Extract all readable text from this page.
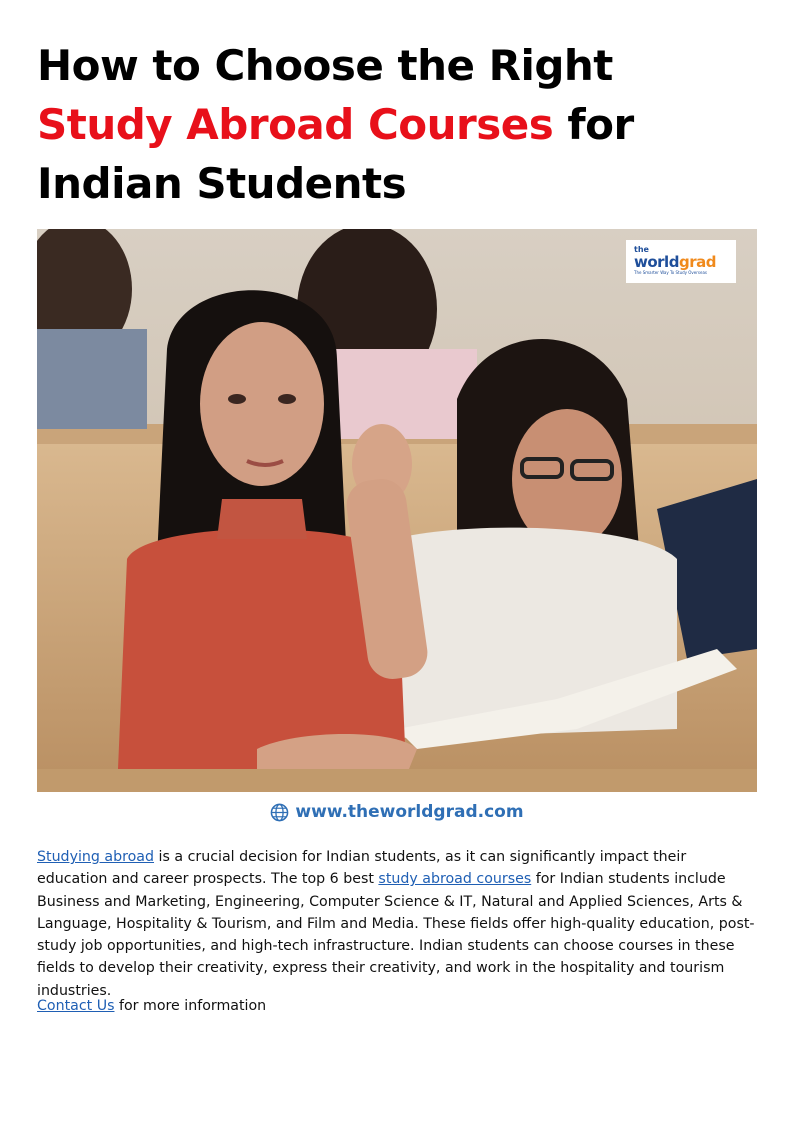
How to Choose the Right Study Abroad Courses for Indian Students
the
worldgrad
The Smarter Way To Study Overseas
www.theworldgrad.com

Studying abroad is a crucial decision for Indian students, as it can significantly impact their education and career prospects. The top 6 best study abroad courses for Indian students include Business and Marketing, Engineering, Computer Science & IT, Natural and Applied Sciences, Arts & Language, Hospitality & Tourism, and Film and Media. These fields offer high-quality education, post-study job opportunities, and high-tech infrastructure. Indian students can choose courses in these fields to develop their creativity, express their creativity, and work in the hospitality and tourism industries.

Contact Us for more information
